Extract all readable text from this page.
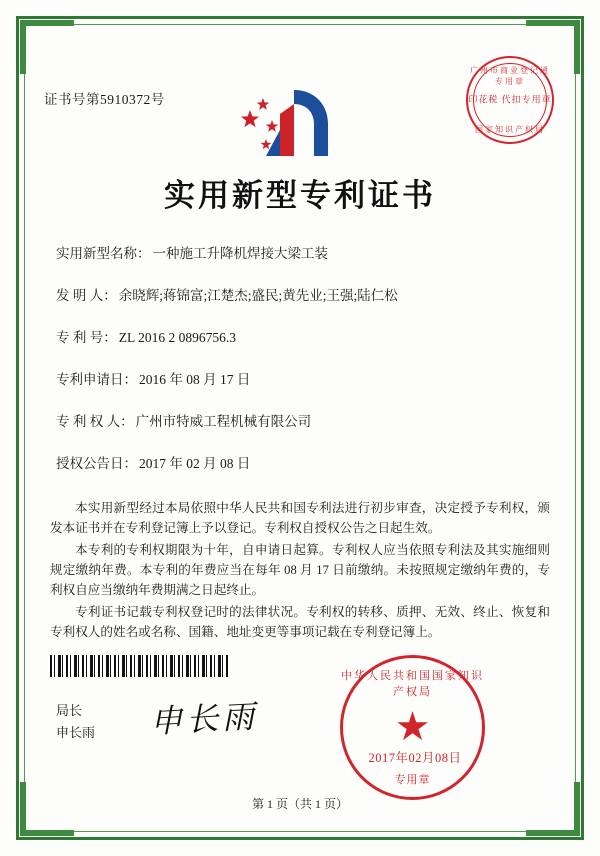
证书号第5910372号
广州市商业登记通专用章
印花税 代扣专用章
国家知识产权局
实用新型专利证书
实用新型名称： 一种施工升降机焊接大梁工装
发 明 人： 余晓辉;蒋锦富;江楚杰;盛民;黄先业;王强;陆仁松
专 利 号： ZL 2016 2 0896756.3
专利申请日： 2016 年 08 月 17 日
专 利 权 人： 广州市特威工程机械有限公司
授权公告日： 2017 年 02 月 08 日

本实用新型经过本局依照中华人民共和国专利法进行初步审查，决定授予专利权，颁发本证书并在专利登记簿上予以登记。专利权自授权公告之日起生效。

本专利的专利权期限为十年，自申请日起算。专利权人应当依照专利法及其实施细则规定缴纳年费。本专利的年费应当在每年 08 月 17 日前缴纳。未按照规定缴纳年费的，专利权自应当缴纳年费期满之日起终止。

专利证书记载专利权登记时的法律状况。专利权的转移、质押、无效、终止、恢复和专利权人的姓名或名称、国籍、地址变更等事项记载在专利登记簿上。

局长
申长雨 申长雨
中华人民共和国国家知识产权局
★
专用章
2017年02月08日
第 1 页（共 1 页）
